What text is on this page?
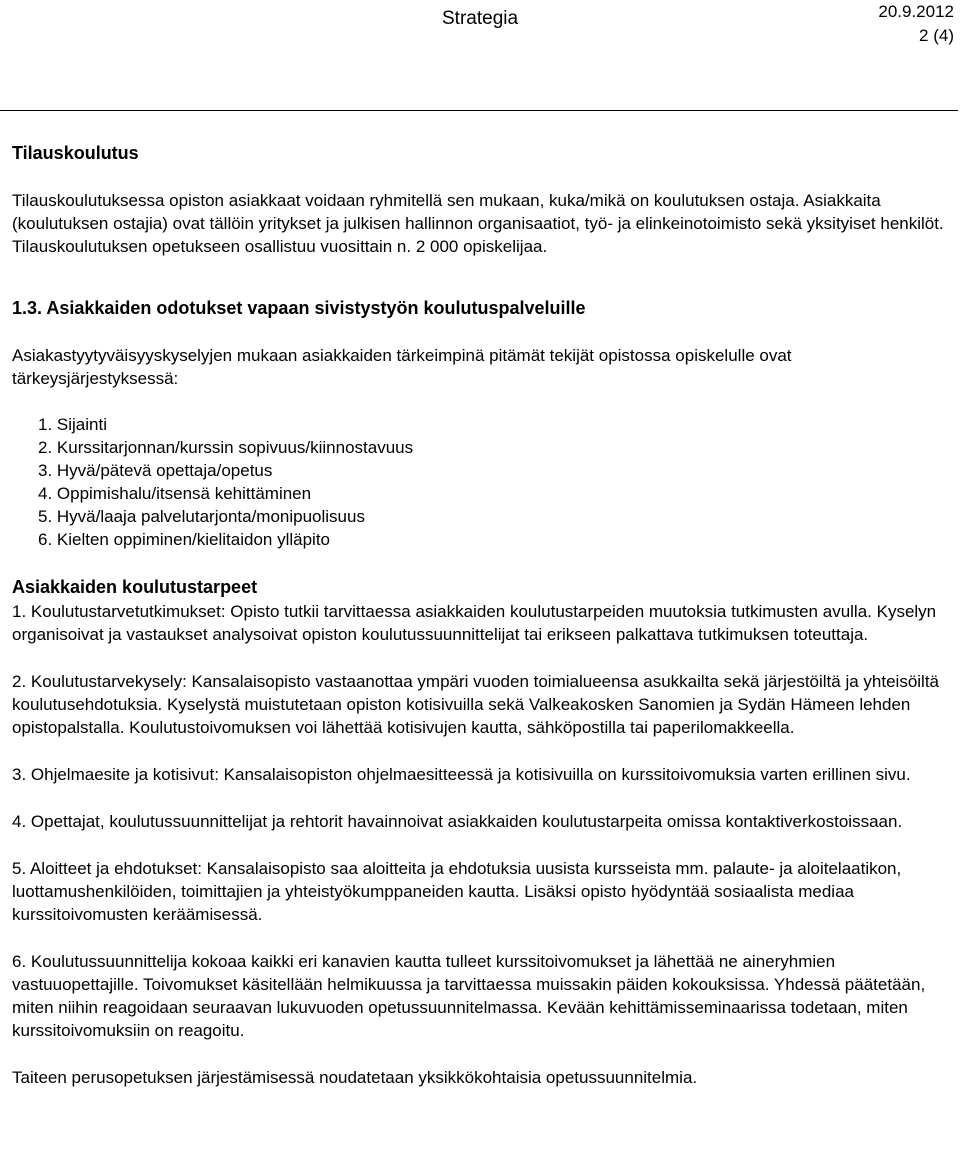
Strategia	20.9.2012
2 (4)
Tilauskoulutus

Tilauskoulutuksessa opiston asiakkaat voidaan ryhmitellä sen mukaan, kuka/mikä on koulutuksen ostaja. Asiakkaita (koulutuksen ostajia) ovat tällöin yritykset ja julkisen hallinnon organisaatiot, työ- ja elinkeinotoimisto sekä yksityiset henkilöt. Tilauskoulutuksen opetukseen osallistuu vuosittain n. 2 000 opiskelijaa.

1.3. Asiakkaiden odotukset vapaan sivistystyön koulutuspalveluille

Asiakastyytyväisyyskyselyjen mukaan asiakkaiden tärkeimpinä pitämät tekijät opistossa opiskelulle ovat tärkeysjärjestyksessä:

1. Sijainti
2. Kurssitarjonnan/kurssin sopivuus/kiinnostavuus
3. Hyvä/pätevä opettaja/opetus
4. Oppimishalu/itsensä kehittäminen
5. Hyvä/laaja palvelutarjonta/monipuolisuus
6. Kielten oppiminen/kielitaidon ylläpito
Asiakkaiden koulutustarpeet

1. Koulutustarvetutkimukset: Opisto tutkii tarvittaessa asiakkaiden koulutustarpeiden muutoksia tutkimusten avulla. Kyselyn organisoivat ja vastaukset analysoivat opiston koulutussuunnittelijat tai erikseen palkattava tutkimuksen toteuttaja.

2. Koulutustarvekysely: Kansalaisopisto vastaanottaa ympäri vuoden toimialueensa asukkailta sekä järjestöiltä ja yhteisöiltä koulutusehdotuksia. Kyselystä muistutetaan opiston kotisivuilla sekä Valkeakosken Sanomien ja Sydän Hämeen lehden opistopalstalla. Koulutustoivomuksen voi lähettää kotisivujen kautta, sähköpostilla tai paperilomakkeella.

3. Ohjelmaesite ja kotisivut: Kansalaisopiston ohjelmaesitteessä ja kotisivuilla on kurssitoivomuksia varten erillinen sivu.

4. Opettajat, koulutussuunnittelijat ja rehtorit havainnoivat asiakkaiden koulutustarpeita omissa kontaktiverkostoissaan.

5. Aloitteet ja ehdotukset: Kansalaisopisto saa aloitteita ja ehdotuksia uusista kursseista mm. palaute- ja aloitelaatikon, luottamushenkilöiden, toimittajien ja yhteistyökumppaneiden kautta. Lisäksi opisto hyödyntää sosiaalista mediaa kurssitoivomusten keräämisessä.

6. Koulutussuunnittelija kokoaa kaikki eri kanavien kautta tulleet kurssitoivomukset ja lähettää ne aineryhmien vastuuopettajille. Toivomukset käsitellään helmikuussa ja tarvittaessa muissakin päiden kokouksissa. Yhdessä päätetään, miten niihin reagoidaan seuraavan lukuvuoden opetussuunnitelmassa. Kevään kehittämisseminaarissa todetaan, miten kurssitoivomuksiin on reagoitu.

Taiteen perusopetuksen järjestämisessä noudatetaan yksikkökohtaisia opetussuunnitelmia.
